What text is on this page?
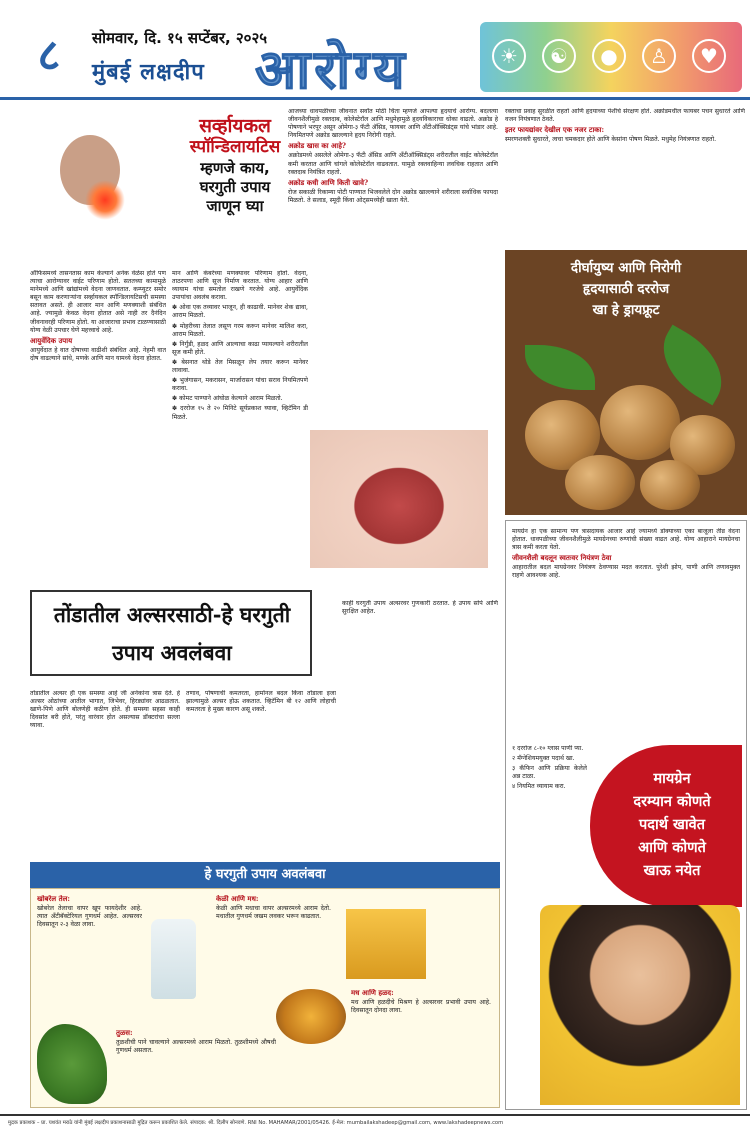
८	सोमवार, दि. १५ सप्टेंबर, २०२५
मुंबई लक्षदीप आरोग्य	☀	☯	●	♙	♥
सर्व्हायकल
स्पॉन्डिलायटिस
म्हणजे काय,
घरगुती उपाय
जाणून घ्या

ऑफिसमध्ये तासनतास काम केल्याने अनेक वेळेस होते पण त्याचा आरोग्यावर वाईट परिणाम होतो. सततच्या कामामुळे मानेमध्ये आणि खांद्यांमध्ये वेदना जाणवतात. कम्प्युटर समोर बसून काम करणाऱ्यांना सर्व्हायकल स्पॉन्डिलायटिसची समस्या सतावत असते. ही आजार मान आणि मणक्याशी संबंधित आहे. ज्यामुळे केवळ वेदना होतात असे नाही तर दैनंदिन जीवनावरही परिणाम होतो. या आजाराचा प्रभाव टाळण्यासाठी योग्य वेळी उपचार घेणे महत्त्वाचे आहे.

आयुर्वेदिक उपाय

आयुर्वेदात हे वात दोषाच्या वाढीशी संबंधित आहे. नेहमी वात दोष वाढल्याने सांधे, मणके आणि मान यामध्ये वेदना होतात.

मान आणि कंबरेच्या मणक्यावर परिणाम होतो. वेदना, ताठरपणा आणि सूज निर्माण करतात. योग्य आहार आणि व्यायाम यांचा समतोल राखणे गरजेचे आहे. आयुर्वेदिक उपायांचा अवलंब करावा.

✽ ओवा एक तव्यावर भाजून, ही काढावी. मानेवर शेक द्यावा, आराम मिळतो.

✽ मोहरीच्या तेलात लसूण गरम करून मानेवर मालिश करा, आराम मिळतो.

✽ निर्गुंडी, हळद आणि आल्याचा काढा प्यायल्याने शरीरातील सूज कमी होते.

✽ बेसनात थोडे तेल मिसळून लेप तयार करून मानेवर लावावा.

✽ भुजंगासन, मकरासन, मार्जारासन यांचा सराव नियमितपणे करावा.

✽ कोमट पाण्याने आंघोळ केल्याने आराम मिळतो.

✽ दररोज १५ ते २० मिनिटे सूर्यप्रकाश घ्यावा, व्हिटॅमिन डी मिळते.

आजच्या धावपळीच्या जीवनात सर्वांत मोठी चिंता म्हणजे आपल्या हृदयाचे आरोग्य. बदलत्या जीवनशैलीमुळे रक्तदाब, कोलेस्टेरॉल आणि मधुमेहामुळे हृदयविकाराचा धोका वाढतो. अक्रोड हे पोषणाने भरपूर असून ओमेगा-३ फॅटी ॲसिड, फायबर आणि अँटीऑक्सिडंट्स यांचे भांडार आहे. नियमितपणे अक्रोड खाल्ल्याने हृदय निरोगी राहते.

अक्रोड खास का आहे?

अक्रोडमध्ये असलेले ओमेगा-३ फॅटी ॲसिड आणि अँटीऑक्सिडंट्स शरीरातील वाईट कोलेस्टेरॉल कमी करतात आणि चांगले कोलेस्टेरॉल वाढवतात. यामुळे रक्तवाहिन्या लवचिक राहतात आणि रक्तदाब नियंत्रित राहतो.

अक्रोड कधी आणि किती खावे?

रोज सकाळी रिकाम्या पोटी पाण्यात भिजवलेले दोन अक्रोड खाल्ल्याने शरीराला सर्वाधिक फायदा मिळतो. ते सलाड, स्मूदी किंवा ओट्समध्येही खाता येते.

रक्ताचा प्रवाह सुरळीत राहतो आणि हृदयाच्या पेशींचे संरक्षण होते. अक्रोडमधील फायबर पचन सुधारते आणि वजन नियंत्रणात ठेवते.

इतर फायद्यांवर देखील एक नजर टाका:

स्मरणशक्ती सुधारते, त्वचा चमकदार होते आणि केसांना पोषण मिळते. मधुमेह नियंत्रणात राहतो.

दीर्घायुष्य आणि निरोगी
हृदयासाठी दररोज
खा हे ड्रायफ्रूट
तोंडातील अल्सरसाठी-हे घरगुती उपाय अवलंबवा

तोंडातील अल्सर ही एक समस्या आहे जी अनेकांना त्रास देते. हे अल्सर ओठांच्या आतील भागात, जिभेवर, हिरड्यांवर आढळतात. खाणे-पिणे आणि बोलणेही कठीण होते. ही समस्या सहसा काही दिवसांत बरी होते, परंतु वारंवार होत असल्यास डॉक्टरांचा सल्ला घ्यावा.

तणाव, पोषणाची कमतरता, हार्मोनल बदल किंवा तोंडाला इजा झाल्यामुळे अल्सर होऊ शकतात. व्हिटॅमिन बी १२ आणि लोहाची कमतरता हे मुख्य कारण असू शकते.

काही घरगुती उपाय अल्सरवर गुणकारी ठरतात. हे उपाय सोपे आणि सुरक्षित आहेत.

हे घरगुती उपाय अवलंबवा

खोबरेल तेल:

खोबरेल तेलाचा वापर खूप फायदेशीर आहे. त्यात अँटीबॅक्टेरियल गुणधर्म आहेत. अल्सरवर दिवसातून २-३ वेळा लावा.

केळी आणि मध:

केळी आणि मधाचा वापर अल्सरमध्ये आराम देतो. मधातील गुणधर्म जखम लवकर भरून काढतात.

मध आणि हळद:

मध आणि हळदीचे मिश्रण हे अल्सरवर प्रभावी उपाय आहे. दिवसातून दोनदा लावा.

तुळस:

तुळशीची पाने चावल्याने अल्सरमध्ये आराम मिळतो. तुळशीमध्ये औषधी गुणधर्म असतात.

मायग्रेन हा एक सामान्य पण त्रासदायक आजार आहे ज्यामध्ये डोक्याच्या एका बाजूला तीव्र वेदना होतात. धावपळीच्या जीवनशैलीमुळे मायग्रेनच्या रुग्णांची संख्या वाढत आहे. योग्य आहाराने मायग्रेनचा त्रास कमी करता येतो.

जीवनशैली बदलून स्वतःवर नियंत्रण ठेवा

आहारातील बदल मायग्रेनवर नियंत्रण ठेवण्यास मदत करतात. पुरेशी झोप, पाणी आणि तणावमुक्त राहणे आवश्यक आहे.

१ दररोज ८-१० ग्लास पाणी प्या.

२ मॅग्नेशियमयुक्त पदार्थ खा.

३ कॅफिन आणि प्रक्रिया केलेले अन्न टाळा.

४ नियमित व्यायाम करा.	मायग्रेन
दरम्यान कोणते
पदार्थ खावेत
आणि कोणते
खाऊ नयेत
मुद्रक प्रकाशक – प्रा. यशवंत मराठे यांनी मुंबई लक्षदीप प्रकाशनासाठी मुद्रित करून प्रकाशित केले. संपादक: श्री. दिलीप सोनवणे. RNI No. MAHAMAR/2001/05426. ई-मेल: mumbailakshadeep@gmail.com, www.lakshadeepnews.com
